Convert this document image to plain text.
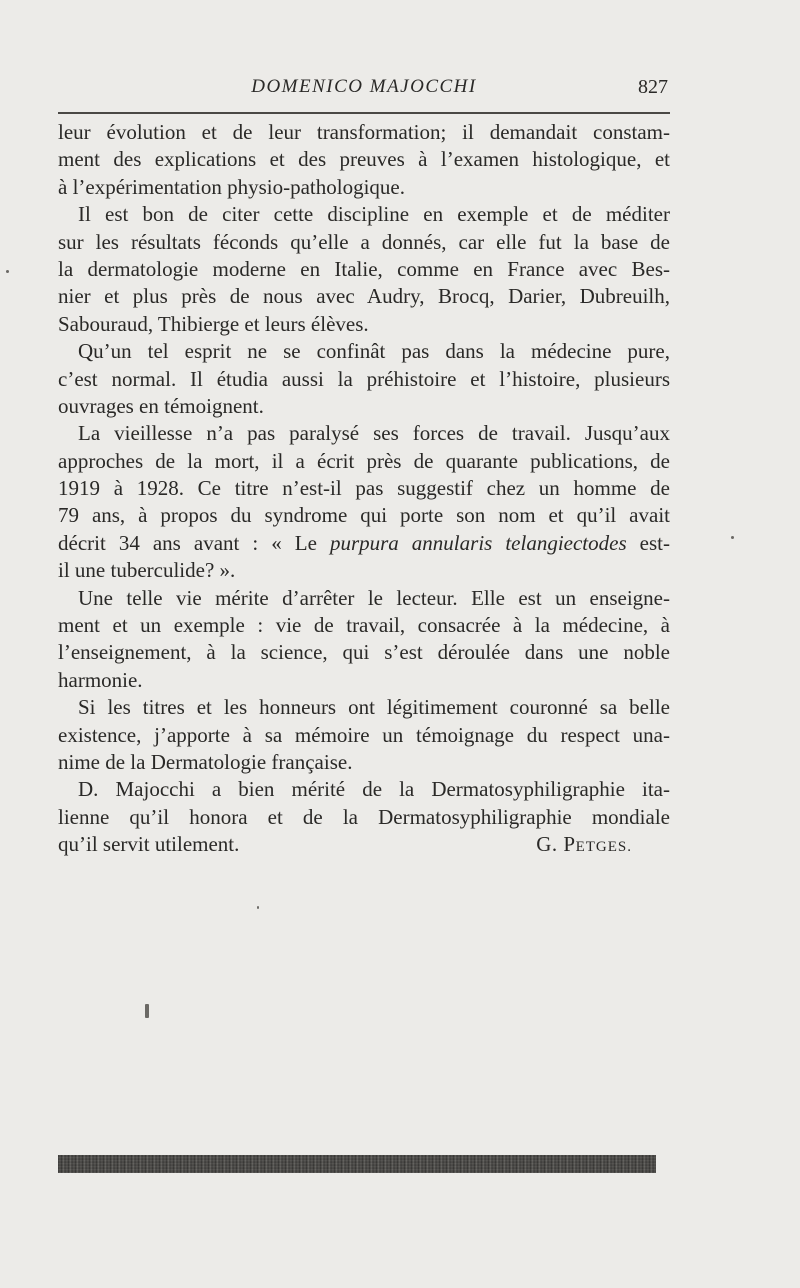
DOMENICO MAJOCCHI	827
leur évolution et de leur transformation; il demandait constam-
ment des explications et des preuves à l’examen histologique, et
à l’expérimentation physio-pathologique.
Il est bon de citer cette discipline en exemple et de méditer
sur les résultats féconds qu’elle a donnés, car elle fut la base de
la dermatologie moderne en Italie, comme en France avec Bes-
nier et plus près de nous avec Audry, Brocq, Darier, Dubreuilh,
Sabouraud, Thibierge et leurs élèves.
Qu’un tel esprit ne se confinât pas dans la médecine pure,
c’est normal. Il étudia aussi la préhistoire et l’histoire, plusieurs
ouvrages en témoignent.
La vieillesse n’a pas paralysé ses forces de travail. Jusqu’aux
approches de la mort, il a écrit près de quarante publications, de
1919 à 1928. Ce titre n’est-il pas suggestif chez un homme de
79 ans, à propos du syndrome qui porte son nom et qu’il avait
décrit 34 ans avant : « Le purpura annularis telangiectodes est-
il une tuberculide? ».
Une telle vie mérite d’arrêter le lecteur. Elle est un enseigne-
ment et un exemple : vie de travail, consacrée à la médecine, à
l’enseignement, à la science, qui s’est déroulée dans une noble
harmonie.
Si les titres et les honneurs ont légitimement couronné sa belle
existence, j’apporte à sa mémoire un témoignage du respect una-
nime de la Dermatologie française.
D. Majocchi a bien mérité de la Dermatosyphiligraphie ita-
lienne qu’il honora et de la Dermatosyphiligraphie mondiale
qu’il servit utilement.	G. PETGES.
